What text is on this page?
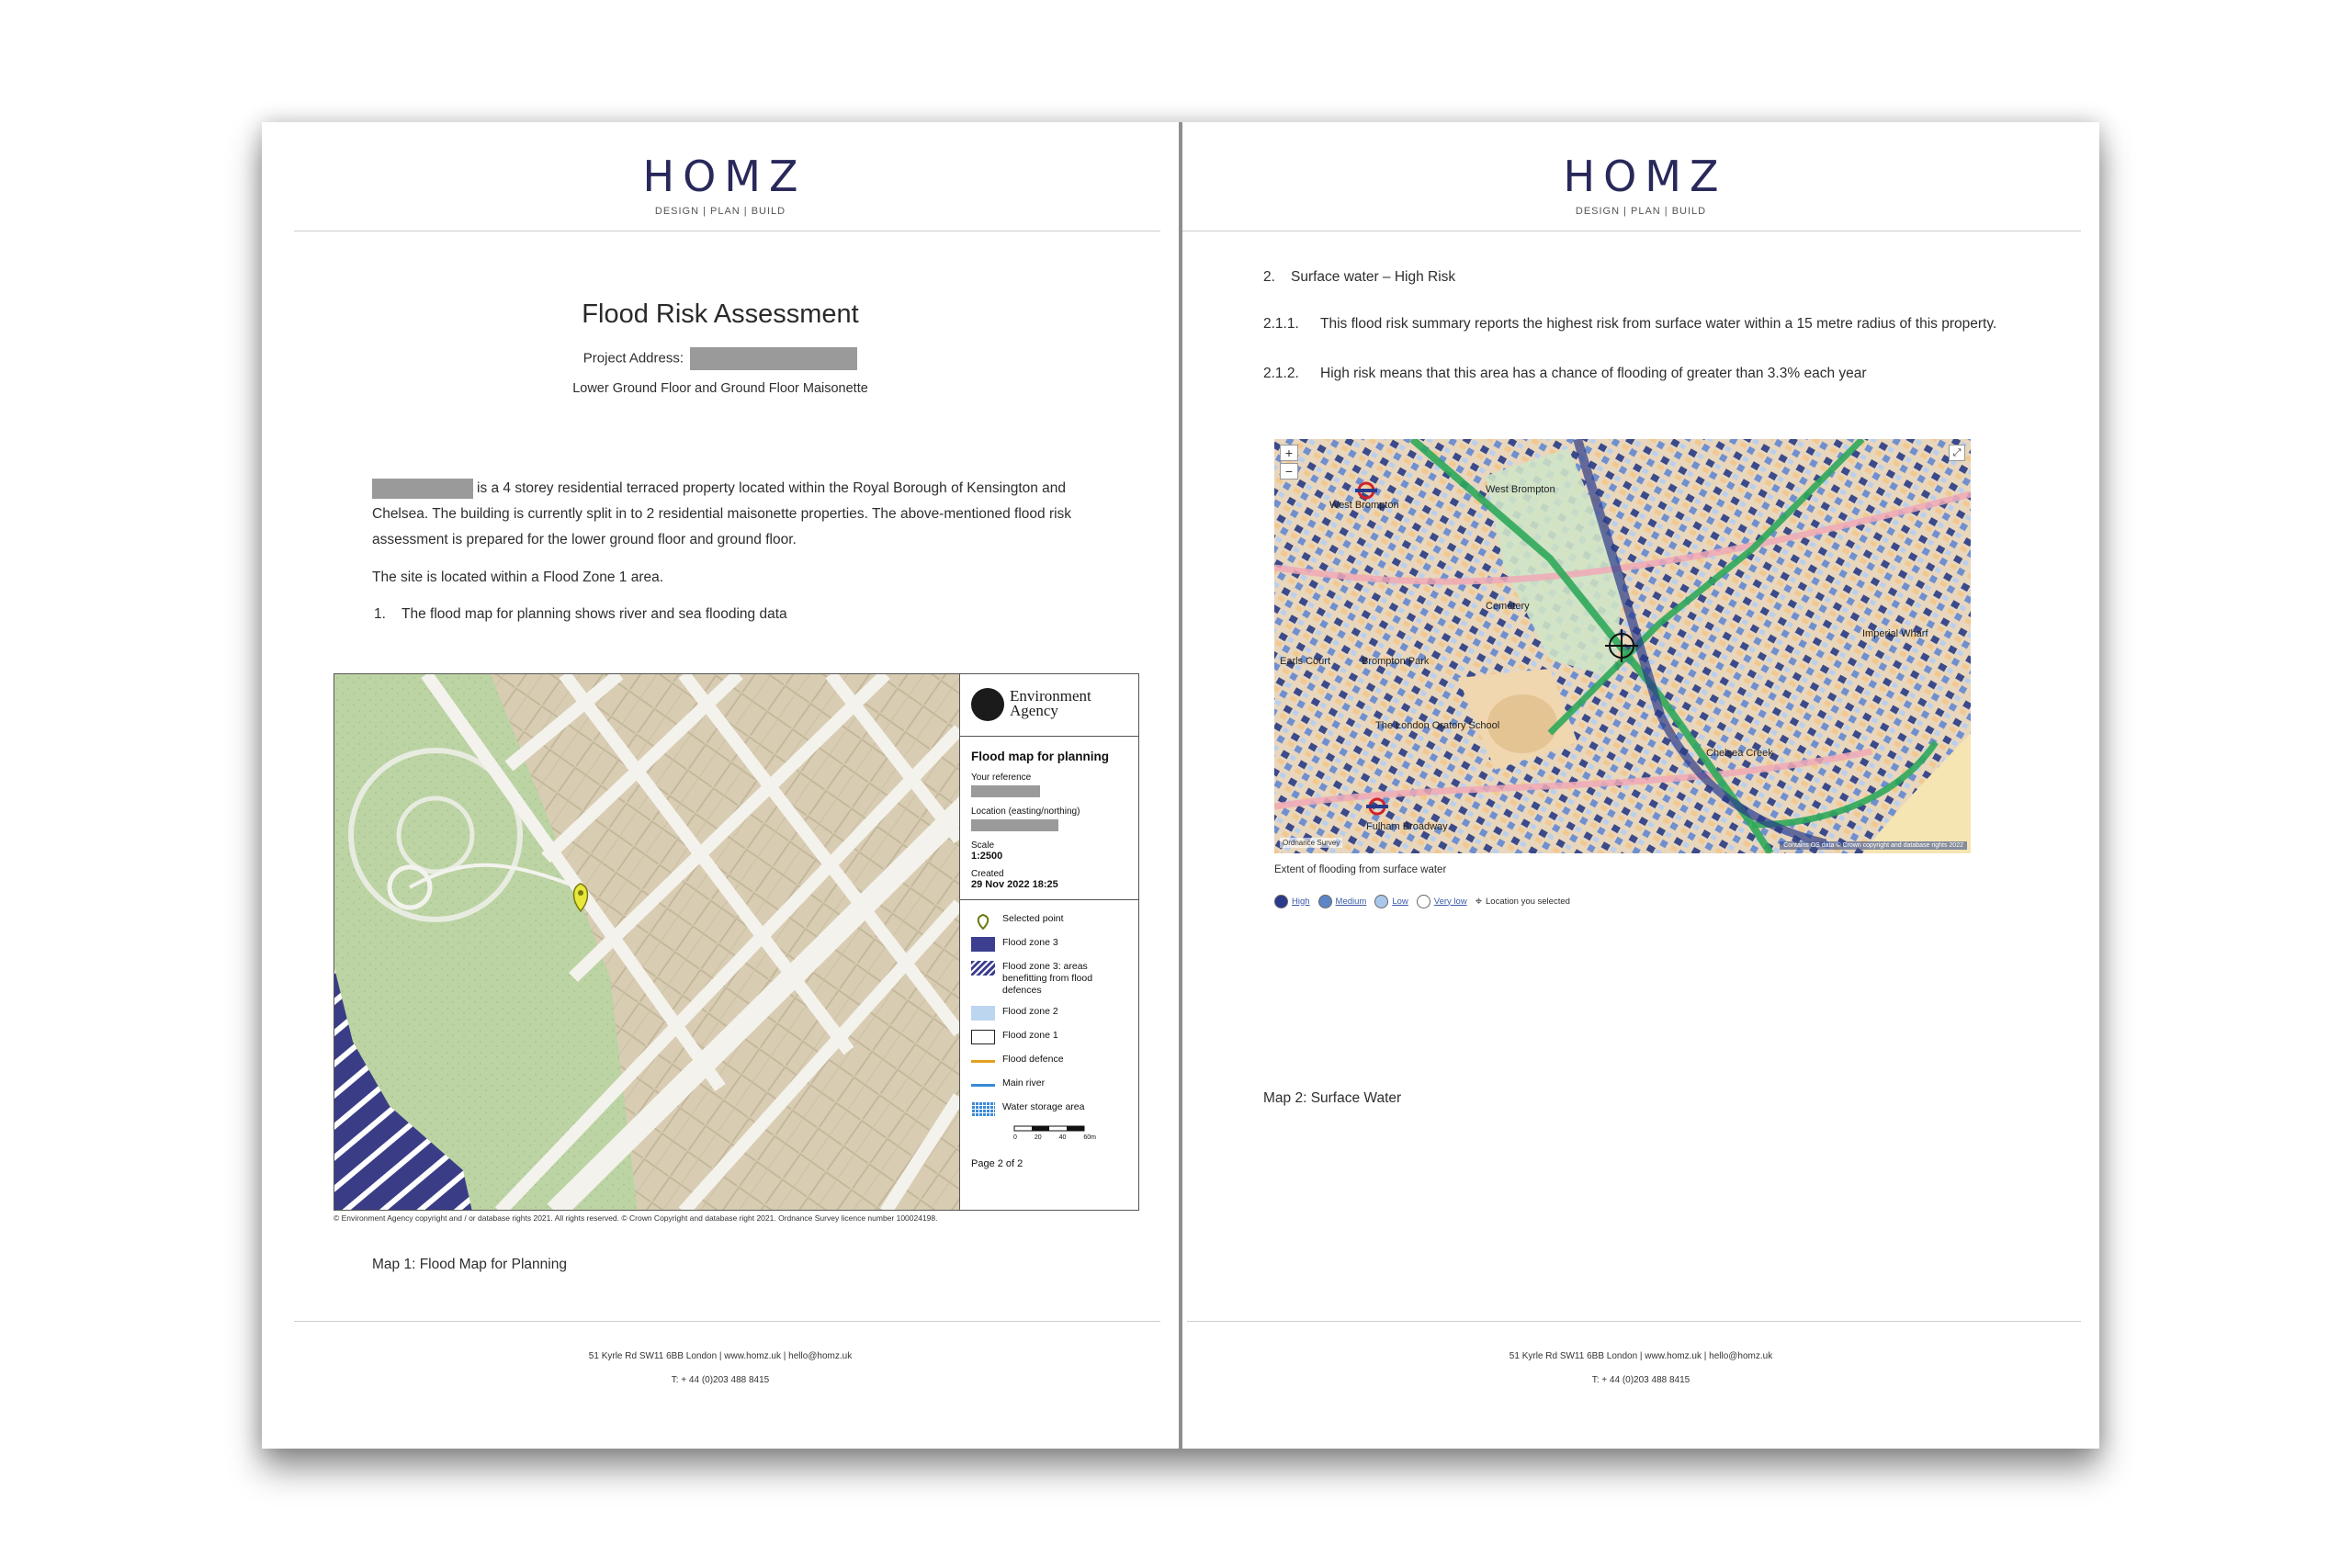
HOMZ
DESIGN | PLAN | BUILD
Flood Risk Assessment
Project Address:
Lower Ground Floor and Ground Floor Maisonette
is a 4 storey residential terraced property located within the Royal Borough of Kensington and Chelsea. The building is currently split in to 2 residential maisonette properties. The above-mentioned flood risk assessment is prepared for the lower ground floor and ground floor.
The site is located within a Flood Zone 1 area.
1. The flood map for planning shows river and sea flooding data
Environment Agency
Flood map for planning
Your reference
Location (easting/northing)
Scale
1:2500
Created
29 Nov 2022 18:25
Selected point
Flood zone 3
Flood zone 3: areas benefitting from flood defences
Flood zone 2
Flood zone 1
Flood defence
Main river
Water storage area
0	20	40	60m
Page 2 of 2
© Environment Agency copyright and / or database rights 2021. All rights reserved. © Crown Copyright and database right 2021. Ordnance Survey licence number 100024198.
Map 1: Flood Map for Planning
51 Kyrle Rd SW11 6BB London | www.homz.uk | hello@homz.uk
T: + 44 (0)203 488 8415
HOMZ
DESIGN | PLAN | BUILD
2. Surface water – High Risk
2.1.1. This flood risk summary reports the highest risk from surface water within a 15 metre radius of this property.
2.1.2. High risk means that this area has a chance of flooding of greater than 3.3% each year
West Brompton
West Brompton
Cemetery
Brompton Park
The London Oratory School
Fulham Broadway
Chelsea Creek
Imperial Wharf
Earls Court
+
−
⤢
Ordnance Survey	Contains OS data © Crown copyright and database rights 2022
Extent of flooding from surface water
High	Medium	Low	Very low ⌖ Location you selected
Map 2: Surface Water
51 Kyrle Rd SW11 6BB London | www.homz.uk | hello@homz.uk
T: + 44 (0)203 488 8415
